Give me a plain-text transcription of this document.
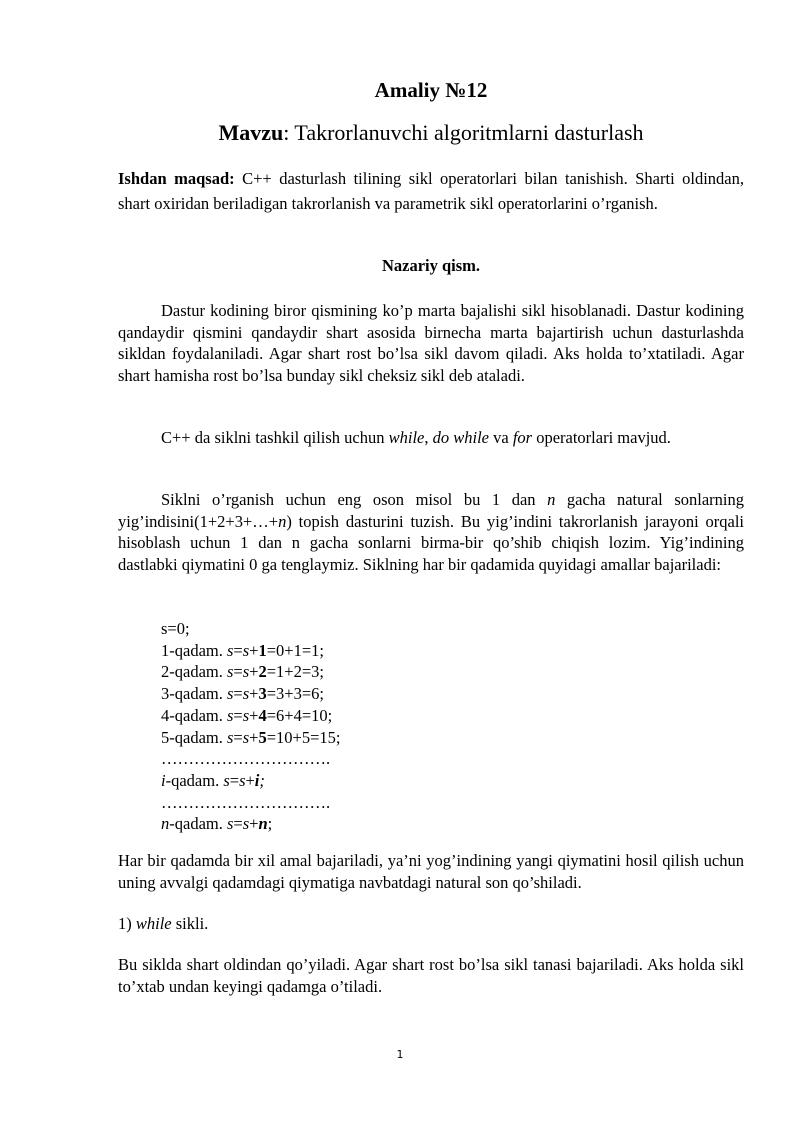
Amaliy №12
Mavzu: Takrorlanuvchi algoritmlarni dasturlash
Ishdan maqsad: C++ dasturlash tilining sikl operatorlari bilan tanishish. Sharti oldindan, shart oxiridan beriladigan takrorlanish va parametrik sikl operatorlarini o’rganish.
Nazariy qism.
Dastur kodining biror qismining ko’p marta bajalishi sikl hisoblanadi. Dastur kodining qandaydir qismini qandaydir shart asosida birnecha marta bajartirish uchun dasturlashda sikldan foydalaniladi. Agar shart rost bo’lsa sikl davom qiladi. Aks holda to’xtatiladi. Agar shart hamisha rost bo’lsa bunday sikl cheksiz sikl deb ataladi.
C++ da siklni tashkil qilish uchun while, do while va for operatorlari mavjud.
Siklni o’rganish uchun eng oson misol bu 1 dan n gacha natural sonlarning yig’indisini(1+2+3+…+n) topish dasturini tuzish. Bu yig’indini takrorlanish jarayoni orqali hisoblash uchun 1 dan n gacha sonlarni birma-bir qo’shib chiqish lozim. Yig’indining dastlabki qiymatini 0 ga tenglaymiz. Siklning har bir qadamida quyidagi amallar bajariladi:
s=0;
1-qadam. s=s+1=0+1=1;
2-qadam. s=s+2=1+2=3;
3-qadam. s=s+3=3+3=6;
4-qadam. s=s+4=6+4=10;
5-qadam. s=s+5=10+5=15;
………………………….
i-qadam. s=s+i;
………………………….
n-qadam. s=s+n;
Har bir qadamda bir xil amal bajariladi, ya’ni yog’indining yangi qiymatini hosil qilish uchun uning avvalgi qadamdagi qiymatiga navbatdagi natural son qo’shiladi.
1) while sikli.
Bu siklda shart oldindan qo’yiladi. Agar shart rost bo’lsa sikl tanasi bajariladi. Aks holda sikl to’xtab undan keyingi qadamga o’tiladi.
1
